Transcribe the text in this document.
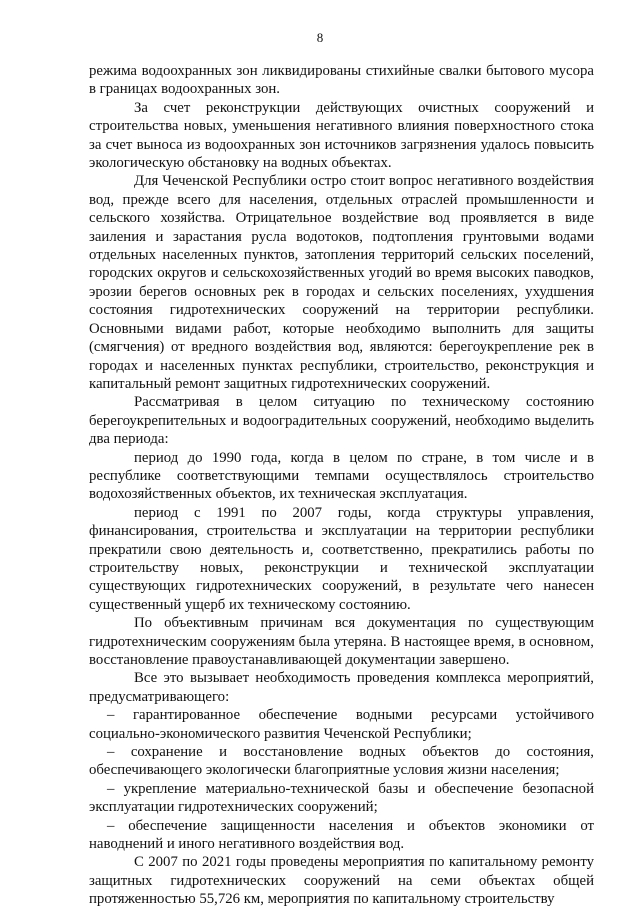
8

режима водоохранных зон ликвидированы стихийные свалки бытового мусора в границах водоохранных зон.

За счет реконструкции действующих очистных сооружений и строительства новых, уменьшения негативного влияния поверхностного стока за счет выноса из водоохранных зон источников загрязнения удалось повысить экологическую обстановку на водных объектах.

Для Чеченской Республики остро стоит вопрос негативного воздействия вод, прежде всего для населения, отдельных отраслей промышленности и сельского хозяйства. Отрицательное воздействие вод проявляется в виде заиления и зарастания русла водотоков, подтопления грунтовыми водами отдельных населенных пунктов, затопления территорий сельских поселений, городских округов и сельскохозяйственных угодий во время высоких паводков, эрозии берегов основных рек в городах и сельских поселениях, ухудшения состояния гидротехнических сооружений на территории республики. Основными видами работ, которые необходимо выполнить для защиты (смягчения) от вредного воздействия вод, являются: берегоукрепление рек в городах и населенных пунктах республики, строительство, реконструкция и капитальный ремонт защитных гидротехнических сооружений.

Рассматривая в целом ситуацию по техническому состоянию берегоукрепительных и водооградительных сооружений, необходимо выделить два периода:

период до 1990 года, когда в целом по стране, в том числе и в республике соответствующими темпами осуществлялось строительство водохозяйственных объектов, их техническая эксплуатация.

период с 1991 по 2007 годы, когда структуры управления, финансирования, строительства и эксплуатации на территории республики прекратили свою деятельность и, соответственно, прекратились работы по строительству новых, реконструкции и технической эксплуатации существующих гидротехнических сооружений, в результате чего нанесен существенный ущерб их техническому состоянию.

По объективным причинам вся документация по существующим гидротехническим сооружениям была утеряна. В настоящее время, в основном, восстановление правоустанавливающей документации завершено.

Все это вызывает необходимость проведения комплекса мероприятий, предусматривающего:

– гарантированное обеспечение водными ресурсами устойчивого социально-экономического развития Чеченской Республики;

– сохранение и восстановление водных объектов до состояния, обеспечивающего экологически благоприятные условия жизни населения;

– укрепление материально-технической базы и обеспечение безопасной эксплуатации гидротехнических сооружений;

– обеспечение защищенности населения и объектов экономики от наводнений и иного негативного воздействия вод.

С 2007 по 2021 годы проведены мероприятия по капитальному ремонту защитных гидротехнических сооружений на семи объектах общей протяженностью 55,726 км, мероприятия по капитальному строительству
